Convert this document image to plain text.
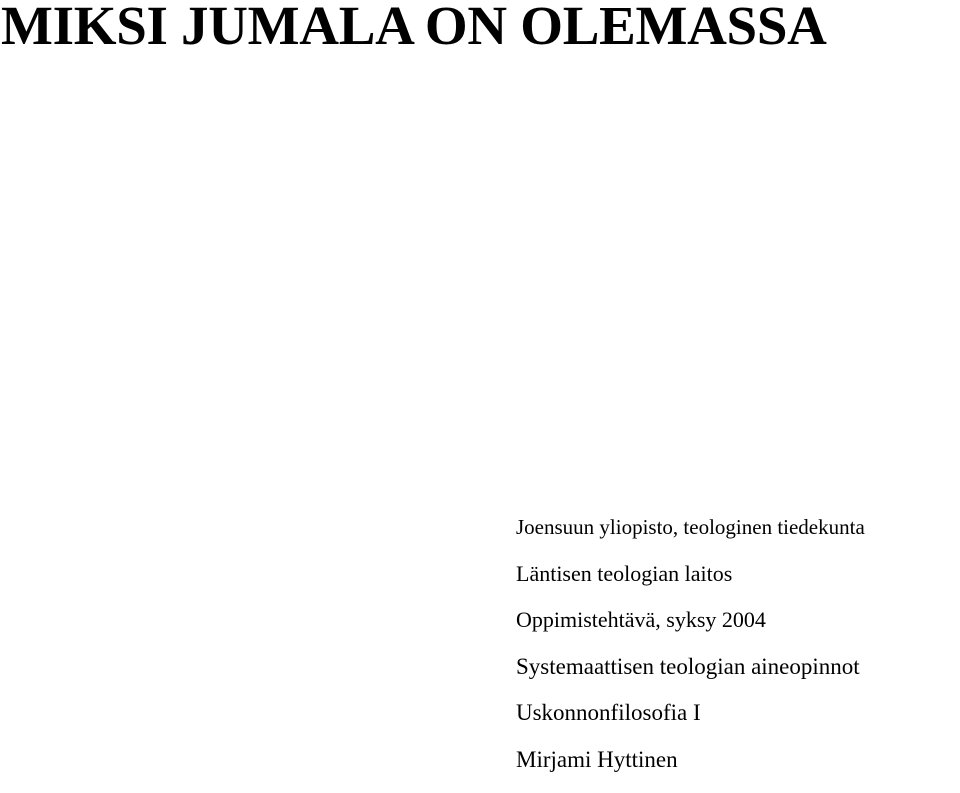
MIKSI JUMALA ON OLEMASSA
Joensuun yliopisto, teologinen tiedekunta
Läntisen teologian laitos
Oppimistehtävä, syksy 2004
Systemaattisen teologian aineopinnot
Uskonnonfilosofia I
Mirjami Hyttinen
